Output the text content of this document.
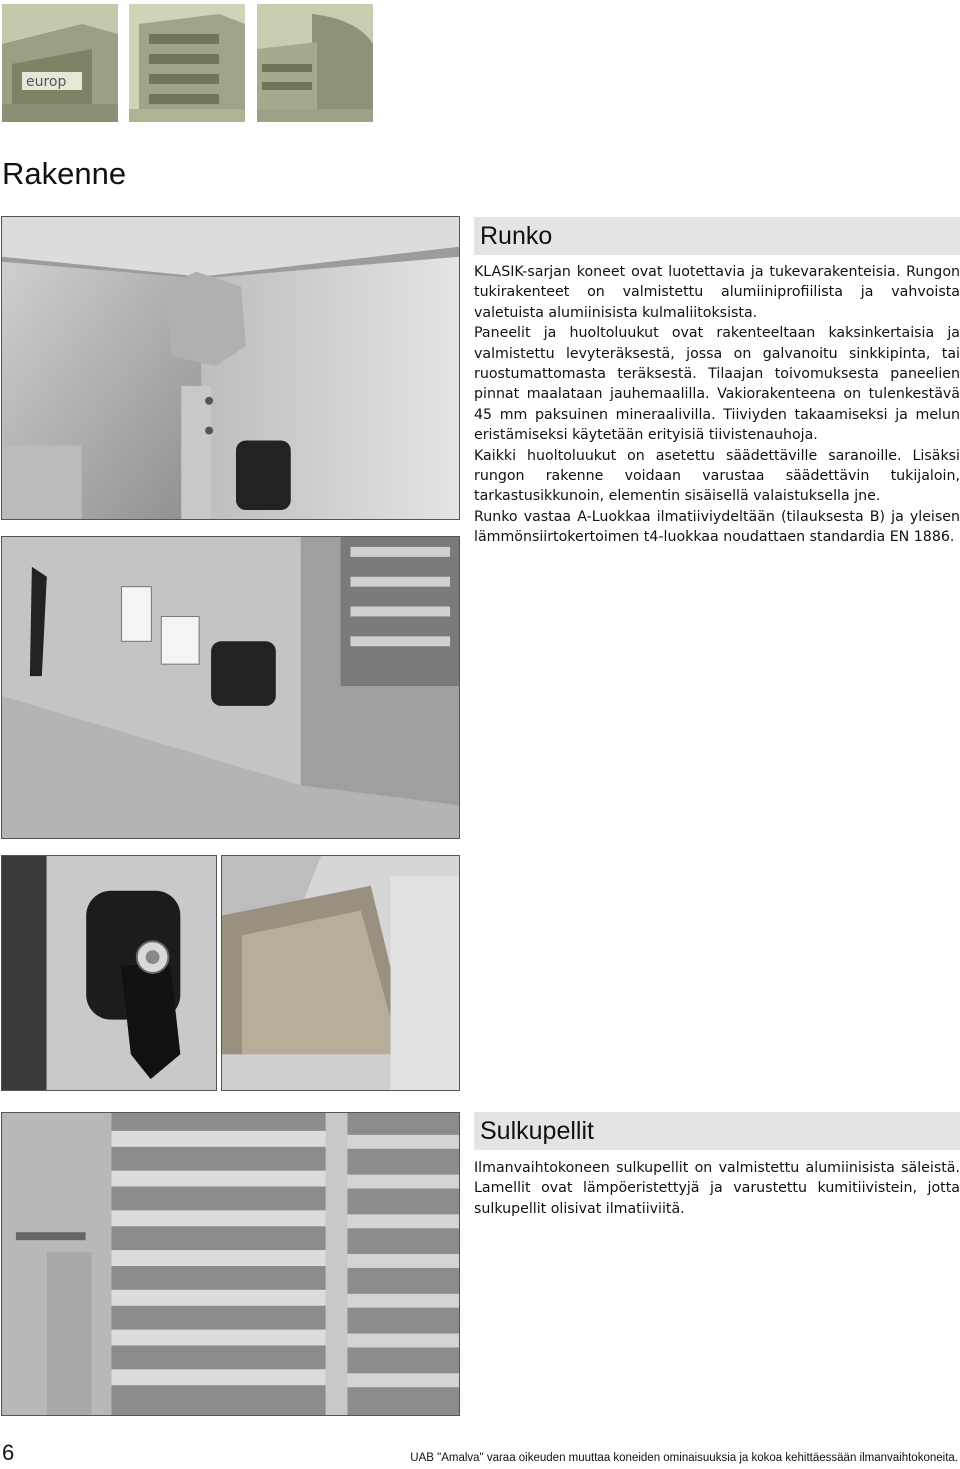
europ
Rakenne
Runko

KLASIK-sarjan koneet ovat luotettavia ja tukevarakenteisia. Rungon tukirakenteet on valmistettu alumiiniprofiilista ja vahvoista valetuista alumiinisista kulmaliitoksista.

Paneelit ja huoltoluukut ovat rakenteeltaan kaksinkertaisia ja valmistettu levyteräksestä, jossa on galvanoitu sinkkipinta, tai ruostumattomasta teräksestä. Tilaajan toivomuksesta paneelien pinnat maalataan jauhemaalilla. Vakiorakenteena on tulenkestävä 45 mm paksuinen mineraalivilla. Tiiviyden takaamiseksi ja melun eristämiseksi käytetään erityisiä tiivistenauhoja.

Kaikki huoltoluukut on asetettu säädettäville saranoille. Lisäksi rungon rakenne voidaan varustaa säädettävin tukijaloin, tarkastusikkunoin, elementin sisäisellä valaistuksella jne.

Runko vastaa A-Luokkaa ilmatiiviydeltään (tilauksesta B) ja yleisen lämmönsiirtokertoimen t4-luokkaa noudattaen standardia EN 1886.

Sulkupellit

Ilmanvaihtokoneen sulkupellit on valmistettu alumiinisista säleistä. Lamellit ovat lämpöeristettyjä ja varustettu kumitiivistein, jotta sulkupellit olisivat ilmatiiviitä.

6	UAB "Amalva" varaa oikeuden muuttaa koneiden ominaisuuksia ja kokoa kehittäessään ilmanvaihtokoneita.
